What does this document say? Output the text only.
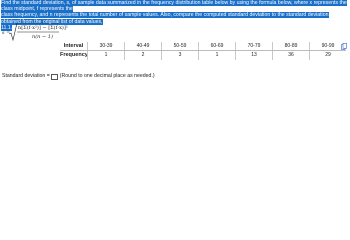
Find the standard deviation, s, of sample data summarized in the frequency distribution table below by using the formula below, where x represents the class midpoint, f represents the
class frequency, and n represents the total number of sample values. Also, compare the computed standard deviation to the standard deviation obtained from the original list of data values,
11.1.
s =
n[Σ(f·x²)] − [Σ(f·x)]²
n(n − 1)
Interval	30-39	40-49	50-59	60-69	70-79	80-89	90-99
Frequency	1	2	3	1	13	36	29
Standard deviation = (Round to one decimal place as needed.)
